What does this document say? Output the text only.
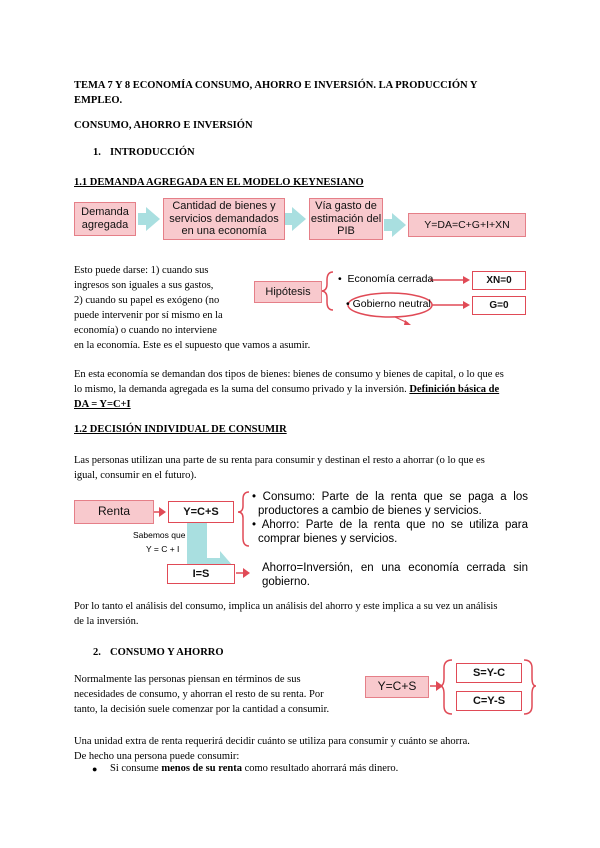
TEMA 7 Y 8 ECONOMÍA CONSUMO, AHORRO E INVERSIÓN. LA PRODUCCIÓN Y
EMPLEO.
CONSUMO, AHORRO E INVERSIÓN
1. INTRODUCCIÓN
1.1 DEMANDA AGREGADA EN EL MODELO KEYNESIANO
Demanda agregada
Cantidad de bienes y servicios demandados en una economía
Vía gasto de estimación del PIB
Y=DA=C+G+I+XN
Esto puede darse: 1) cuando sus
ingresos son iguales a sus gastos,
2) cuando su papel es exógeno (no
puede intervenir por sí mismo en la
economía) o cuando no interviene
en la economía. Este es el supuesto que vamos a asumir.
Hipótesis
•  Economía cerrada
• Gobierno neutral
XN=0
G=0
En esta economía se demandan dos tipos de bienes: bienes de consumo y bienes de capital, o lo que es
lo mismo, la demanda agregada es la suma del consumo privado y la inversión. Definición básica de
DA = Y=C+I
1.2 DECISIÓN INDIVIDUAL DE CONSUMIR
Las personas utilizan una parte de su renta para consumir y destinan el resto a ahorrar (o lo que es
igual, consumir en el futuro).
Renta	Y=C+S
Sabemos que
Y = C + I
I=S
• Consumo: Parte de la renta que se paga a los
productores a cambio de bienes y servicios.
• Ahorro: Parte de la renta que no se utiliza para
comprar bienes y servicios.
Ahorro=Inversión, en una economía cerrada sin
gobierno.
Por lo tanto el análisis del consumo, implica un análisis del ahorro y este implica a su vez un análisis
de la inversión.
2. CONSUMO Y AHORRO
Normalmente las personas piensan en términos de sus
necesidades de consumo, y ahorran el resto de su renta. Por
tanto, la decisión suele comenzar por la cantidad a consumir.
Y=C+S
S=Y-C
C=Y-S
Una unidad extra de renta requerirá decidir cuánto se utiliza para consumir y cuánto se ahorra.
De hecho una persona puede consumir:
● Si consume menos de su renta como resultado ahorrará más dinero.
